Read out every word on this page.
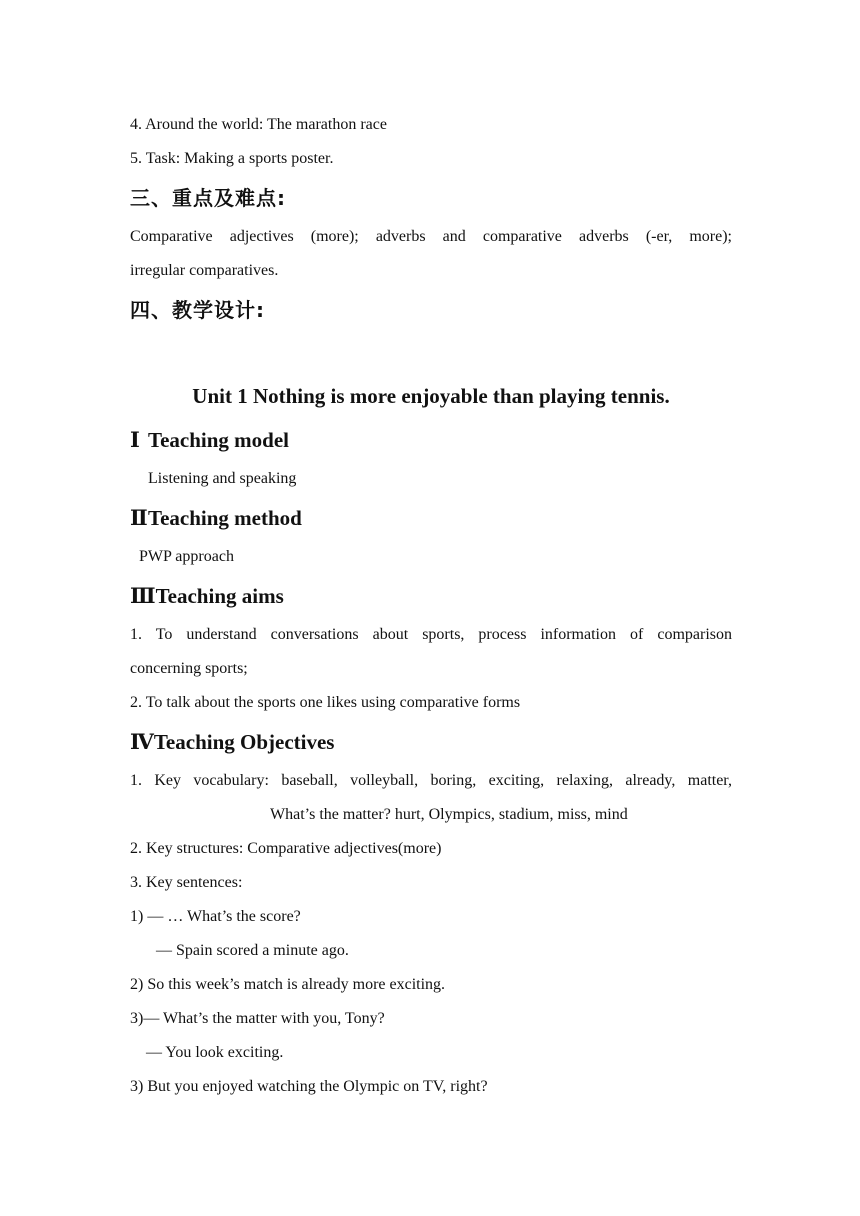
4. Around the world: The marathon race
5. Task: Making a sports poster.
三、重点及难点:
Comparative adjectives (more); adverbs and comparative adverbs (-er, more);
irregular comparatives.
四、教学设计:
Unit 1 Nothing is more enjoyable than playing tennis.
Ⅰ Teaching model
Listening and speaking
ⅡTeaching method
PWP approach
ⅢTeaching aims
1. To understand conversations about sports, process information of comparison
concerning sports;
2. To talk about the sports one likes using comparative forms
ⅣTeaching Objectives
1. Key vocabulary: baseball, volleyball, boring, exciting, relaxing, already, matter,
What’s the matter? hurt, Olympics, stadium, miss, mind
2. Key structures: Comparative adjectives(more)
3. Key sentences:
1) — … What’s the score?
— Spain scored a minute ago.
2) So this week’s match is already more exciting.
3)— What’s the matter with you, Tony?
— You look exciting.
3) But you enjoyed watching the Olympic on TV, right?
